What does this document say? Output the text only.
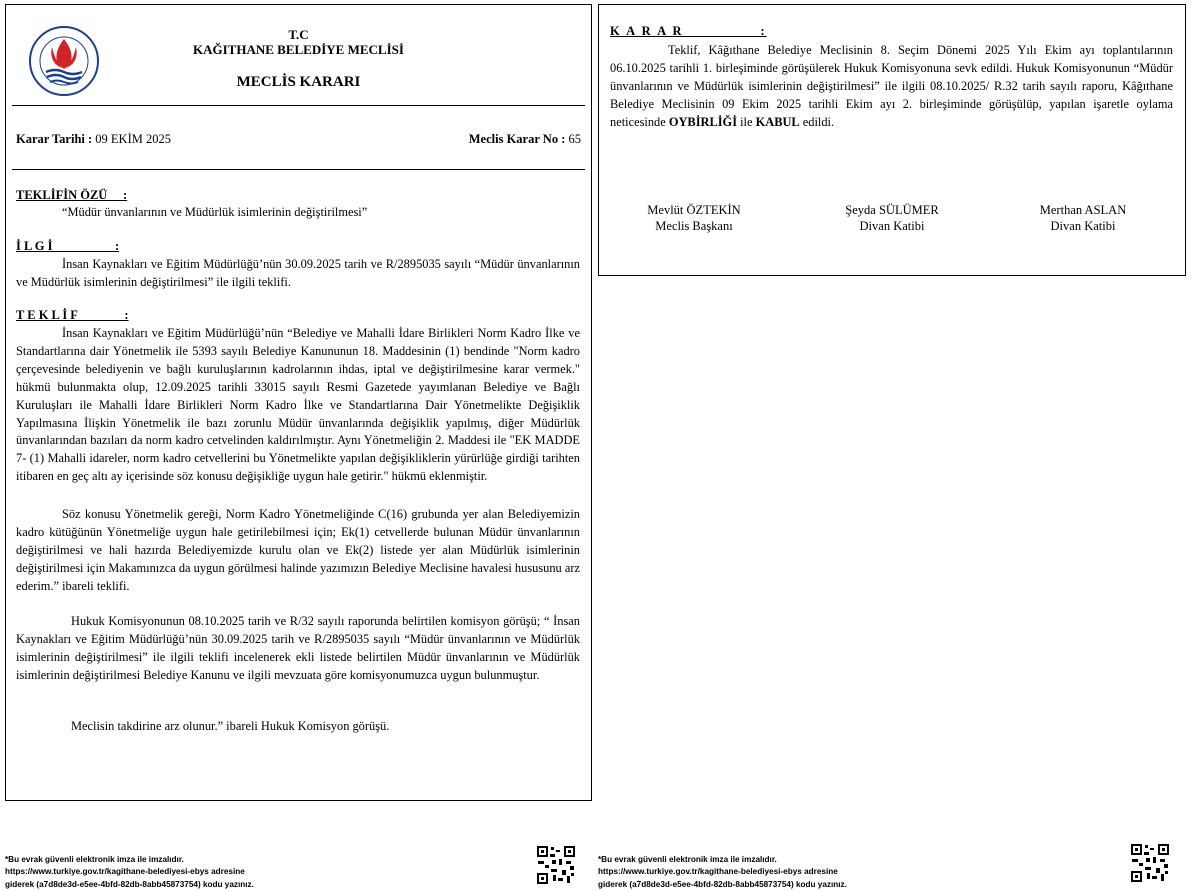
T.C
KAĞITHANE BELEDİYE MECLİSİ
MECLİS KARARI
Karar Tarihi : 09 EKİM 2025	Meclis Karar No : 65
TEKLİFİN ÖZÜ     :
“Müdür ünvanlarının ve Müdürlük isimlerinin değiştirilmesi”
İ L G İ                    :
İnsan Kaynakları ve Eğitim Müdürlüğü’nün 30.09.2025 tarih ve R/2895035 sayılı “Müdür ünvanlarının ve Müdürlük isimlerinin değiştirilmesi” ile ilgili teklifi.
T E K L İ F               :
İnsan Kaynakları ve Eğitim Müdürlüğü’nün “Belediye ve Mahalli İdare Birlikleri Norm Kadro İlke ve Standartlarına dair Yönetmelik ile 5393 sayılı Belediye Kanununun 18. Maddesinin (1) bendinde "Norm kadro çerçevesinde belediyenin ve bağlı kuruluşlarının kadrolarının ihdas, iptal ve değiştirilmesine karar vermek." hükmü bulunmakta olup, 12.09.2025 tarihli 33015 sayılı Resmi Gazetede yayımlanan Belediye ve Bağlı Kuruluşları ile Mahalli İdare Birlikleri Norm Kadro İlke ve Standartlarına Dair Yönetmelikte Değişiklik Yapılmasına İlişkin Yönetmelik ile bazı zorunlu Müdür ünvanlarında değişiklik yapılmış, diğer Müdürlük ünvanlarından bazıları da norm kadro cetvelinden kaldırılmıştır. Aynı Yönetmeliğin 2. Maddesi ile "EK MADDE 7- (1) Mahalli idareler, norm kadro cetvellerini bu Yönetmelikte yapılan değişikliklerin yürürlüğe girdiği tarihten itibaren en geç altı ay içerisinde söz konusu değişikliğe uygun hale getirir." hükmü eklenmiştir.
Söz konusu Yönetmelik gereği, Norm Kadro Yönetmeliğinde C(16) grubunda yer alan Belediyemizin kadro kütüğünün Yönetmeliğe uygun hale getirilebilmesi için; Ek(1) cetvellerde bulunan Müdür ünvanlarının değiştirilmesi ve hali hazırda Belediyemizde kurulu olan ve Ek(2) listede yer alan Müdürlük isimlerinin değiştirilmesi için Makamınızca da uygun görülmesi halinde yazımızın Belediye Meclisine havalesi hususunu arz ederim.” ibareli teklifi.
Hukuk Komisyonunun 08.10.2025 tarih ve R/32 sayılı raporunda belirtilen komisyon görüşü; “ İnsan Kaynakları ve Eğitim Müdürlüğü’nün 30.09.2025 tarih ve R/2895035 sayılı “Müdür ünvanlarının ve Müdürlük isimlerinin değiştirilmesi” ile ilgili teklifi incelenerek ekli listede belirtilen Müdür ünvanlarının ve Müdürlük isimlerinin değiştirilmesi Belediye Kanunu ve ilgili mevzuata göre komisyonumuzca uygun bulunmuştur.
Meclisin takdirine arz olunur.” ibareli Hukuk Komisyon görüşü.
K A R A R               :
Teklif, Kâğıthane Belediye Meclisinin 8. Seçim Dönemi 2025 Yılı Ekim ayı toplantılarının 06.10.2025 tarihli 1. birleşiminde görüşülerek Hukuk Komisyonuna sevk edildi. Hukuk Komisyonunun “Müdür ünvanlarının ve Müdürlük isimlerinin değiştirilmesi” ile ilgili 08.10.2025/ R.32 tarih sayılı raporu, Kâğıthane Belediye Meclisinin 09 Ekim 2025 tarihli Ekim ayı 2. birleşiminde görüşülüp, yapılan işaretle oylama neticesinde OYBİRLİĞİ ile KABUL edildi.
Mevlüt ÖZTEKİN
Meclis Başkanı
Şeyda SÜLÜMER
Divan Katibi
Merthan ASLAN
Divan Katibi
*Bu evrak güvenli elektronik imza ile imzalıdır.
https://www.turkiye.gov.tr/kagithane-belediyesi-ebys adresine
giderek (a7d8de3d-e5ee-4bfd-82db-8abb45873754) kodu yazınız.
*Bu evrak güvenli elektronik imza ile imzalıdır.
https://www.turkiye.gov.tr/kagithane-belediyesi-ebys adresine
giderek (a7d8de3d-e5ee-4bfd-82db-8abb45873754) kodu yazınız.
